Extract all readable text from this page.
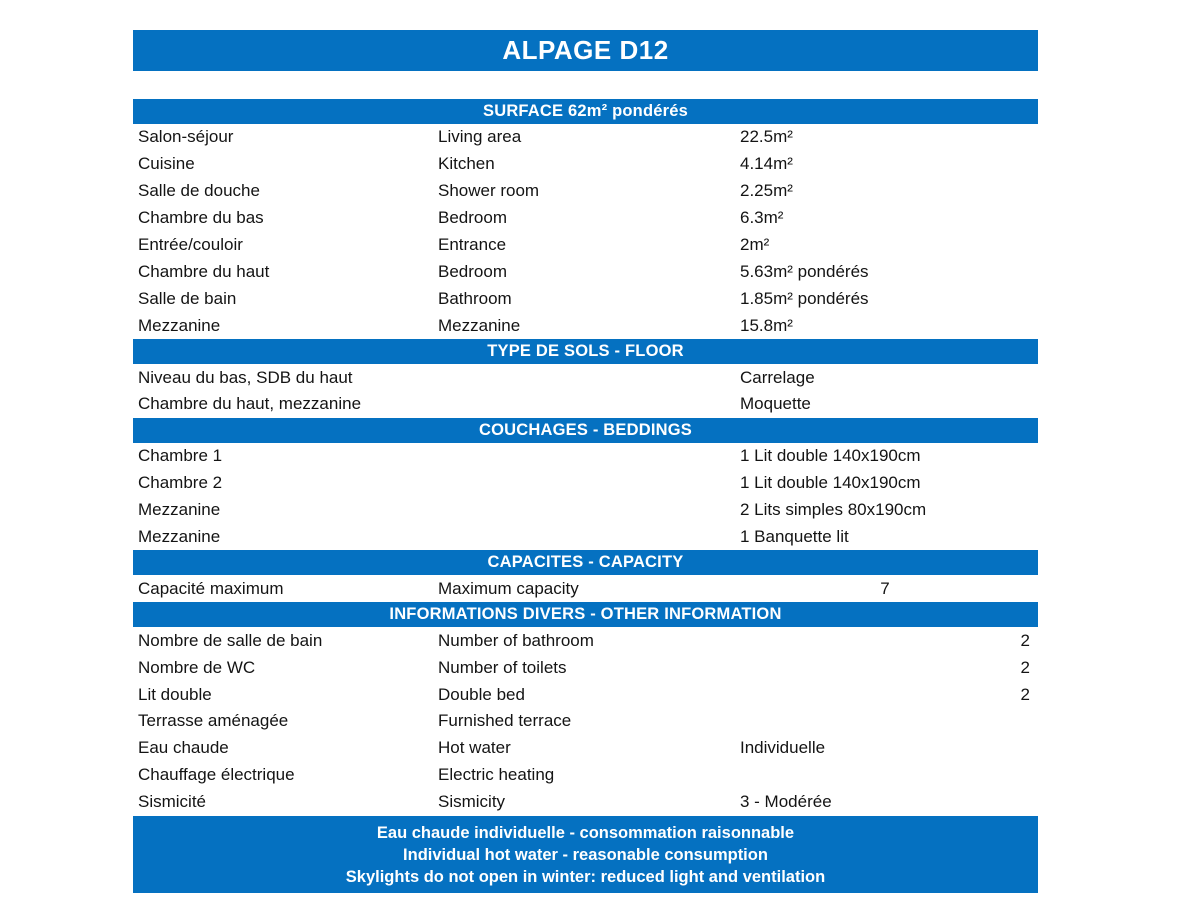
ALPAGE D12
SURFACE 62m² pondérés
Salon-séjour	Living area	22.5m²
Cuisine	Kitchen	4.14m²
Salle de douche	Shower room	2.25m²
Chambre du bas	Bedroom	6.3m²
Entrée/couloir	Entrance	2m²
Chambre du haut	Bedroom	5.63m² pondérés
Salle de bain	Bathroom	1.85m² pondérés
Mezzanine	Mezzanine	15.8m²
TYPE DE SOLS - FLOOR
Niveau du bas, SDB du haut	Carrelage
Chambre du haut, mezzanine	Moquette
COUCHAGES - BEDDINGS
Chambre 1	1 Lit double 140x190cm
Chambre 2	1 Lit double 140x190cm
Mezzanine	2 Lits simples 80x190cm
Mezzanine	1 Banquette lit
CAPACITES - CAPACITY
Capacité maximum	Maximum capacity	7
INFORMATIONS DIVERS - OTHER INFORMATION
Nombre de salle de bain	Number of bathroom	2
Nombre de WC	Number of toilets	2
Lit double	Double bed	2
Terrasse aménagée	Furnished terrace
Eau chaude	Hot water	Individuelle
Chauffage électrique	Electric heating
Sismicité	Sismicity	3 - Modérée
Eau chaude individuelle - consommation raisonnable
Individual hot water - reasonable consumption
Skylights do not open in winter: reduced light and ventilation
